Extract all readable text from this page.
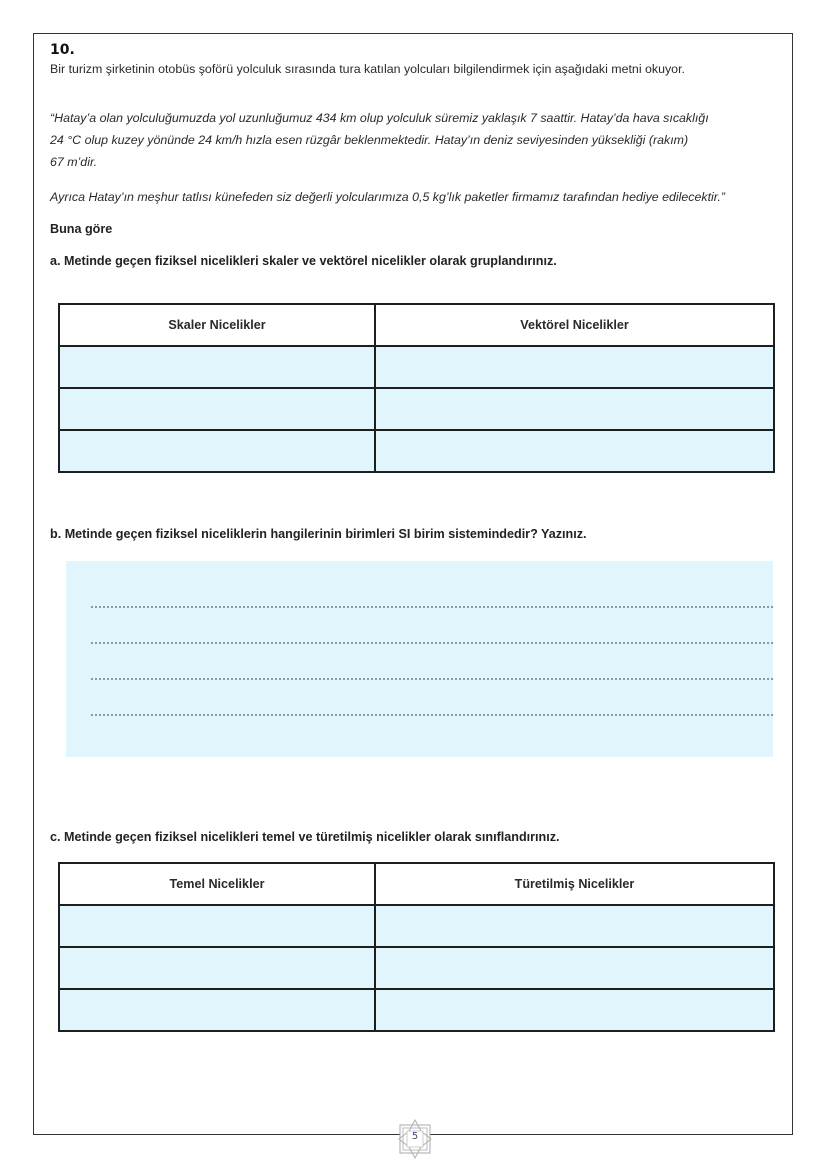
10.
Bir turizm şirketinin otobüs şoförü yolculuk sırasında tura katılan yolcuları bilgilendirmek için aşağıdaki metni okuyor.
“Hatay’a olan yolculuğumuzda yol uzunluğumuz 434 km olup yolculuk süremiz yaklaşık 7 saattir. Hatay’da hava sıcaklığı
24 °C olup kuzey yönünde 24 km/h hızla esen rüzgâr beklenmektedir. Hatay’ın deniz seviyesinden yüksekliği (rakım)
67 m’dir.
Ayrıca Hatay’ın meşhur tatlısı künefeden siz değerli yolcularımıza 0,5 kg’lık paketler firmamız tarafından hediye edilecektir.”
Buna göre
a. Metinde geçen fiziksel nicelikleri skaler ve vektörel nicelikler olarak gruplandırınız.
Skaler Nicelikler	Vektörel Nicelikler

b. Metinde geçen fiziksel niceliklerin hangilerinin birimleri SI birim sistemindedir? Yazınız.
c. Metinde geçen fiziksel nicelikleri temel ve türetilmiş nicelikler olarak sınıflandırınız.
Temel Nicelikler	Türetilmiş Nicelikler

5
